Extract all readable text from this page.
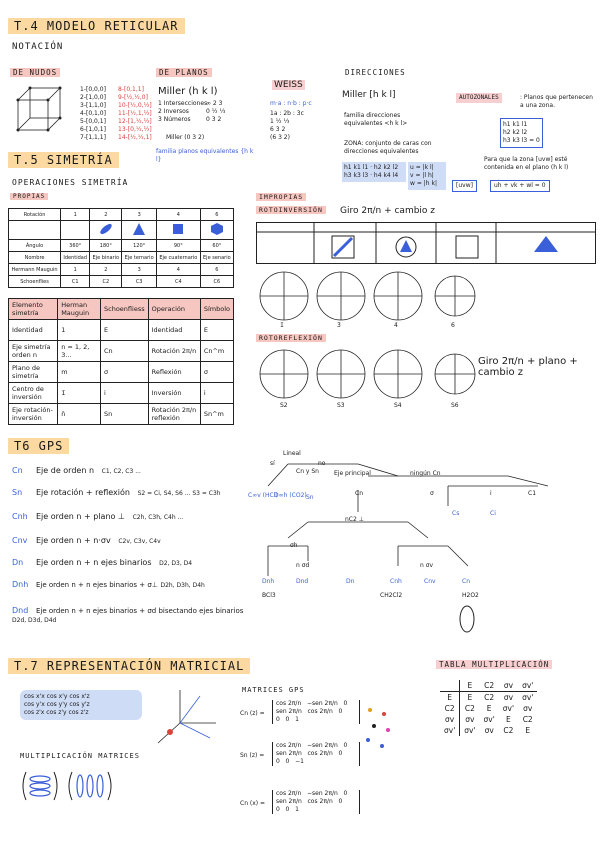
T.4 MODELO RETICULAR
NOTACIÓN
DE NUDOS	DE PLANOS	DIRECCIONES
1-[0,0,0]
2-[1,0,0]
3-[1,1,0]
4-[0,1,0]
5-[0,0,1]
6-[1,0,1]
7-[1,1,1]
8-[0,1,1]
9-[½,½,0]
10-[½,0,½]
11-[½,1,½]
12-[1,½,½]
13-[0,½,½]
14-[½,½,1]
Miller (h k l)
1 Intersecciones
2 Inversos
3 Números
∞ 2 3
0 ½ ⅓
0 3 2
Miller (0 3 2)
familia planos equivalentes {h k l}
WEISS
m·a : n·b : p·c
1a : 2b : 3c
1 ½ ⅓
6 3 2
(6 3 2)
Miller [h k l]
familia direcciones equivalentes <h k l>
ZONA: conjunto de caras con direcciones equivalentes
h1 k1 l1 · h2 k2 l2
h3 k3 l3 · h4 k4 l4
u = |k l|
v = |l h|
w = |h k|
AUTOZONALES	: Planos que pertenecen a una zona.
h1 k1 l1
h2 k2 l2
h3 k3 l3 = 0
Para que la zona [uvw] esté contenida en el plano (h k l)
[uvw]	uh + vk + wl = 0
T.5 SIMETRÍA
OPERACIONES SIMETRÍA
PROPIAS
Rotación	1	2	3	4	6

Ángulo	360°	180°	120°	90°	60°
Nombre	Identidad	Eje binario	Eje ternario	Eje cuaternario	Eje senario
Hermann Mauguin	1	2	3	4	6
Schoenflies	C1	C2	C3	C4	C6
Elemento simetría	Herman Mauguin	Schoenfliess	Operación	Símbolo
Identidad	1	E	Identidad	E
Eje simetría orden n	n = 1, 2, 3...	Cn	Rotación 2π/n	Cn^m
Plano de simetría	m	σ	Reflexión	σ
Centro de inversión	1̄	i	Inversión	i
Eje rotación-inversión	n̄	Sn	Rotación 2π/n reflexión	Sn^m
IMPROPIAS
ROTOINVERSIÓN	Giro 2π/n + cambio z
1̄	3̄	4̄	6̄
ROTOREFLEXIÓN
S2	S3	S4	S6
Giro 2π/n + plano + cambio z
T6 GPS
Cn Eje de orden n C1, C2, C3 ...
Sn Eje rotación + reflexión S2 = Ci, S4, S6 ... S3 = C3h
Cnh Eje orden n + plano ⊥ C2h, C3h, C4h ...
Cnv Eje orden n + n·σv C2v, C3v, C4v
Dn Eje orden n + n ejes binarios D2, D3, D4
Dnh Eje orden n + n ejes binarios + σ⊥ D2h, D3h, D4h
Dnd Eje orden n + n ejes binarios + σd bisectando ejes binarios D2d, D3d, D4d
Lineal
sí	no
C∞v (HCl)
D∞h (CO2)
Cn y Sn
Sn
Eje principal	ningún Cn
Cn	σ	i	C1
Cs	Ci
nC2 ⊥
σh
n σd	n σv
Dnh	Dnd	Dn	Cnh	Cnv	Cn
BCl3	CH2Cl2	H2O2
T.7 REPRESENTACIÓN MATRICIAL
cos x'x cos x'y cos x'z
cos y'x cos y'y cos y'z
cos z'x cos z'y cos z'z
MULTIPLICACIÓN MATRICES
MATRICES GPS
Cn (z) =
cos 2π/n   −sen 2π/n   0
sen 2π/n   cos 2π/n   0
0   0   1
Sn (z) =
cos 2π/n   −sen 2π/n   0
sen 2π/n   cos 2π/n   0
0   0   −1
Cn (x) =
cos 2π/n   −sen 2π/n   0
sen 2π/n   cos 2π/n   0
0   0   1
TABLA MULTIPLICACIÓN
	E	C2	σv	σv'
E	E	C2	σv	σv'
C2	C2	E	σv'	σv
σv	σv	σv'	E	C2
σv'	σv'	σv	C2	E
